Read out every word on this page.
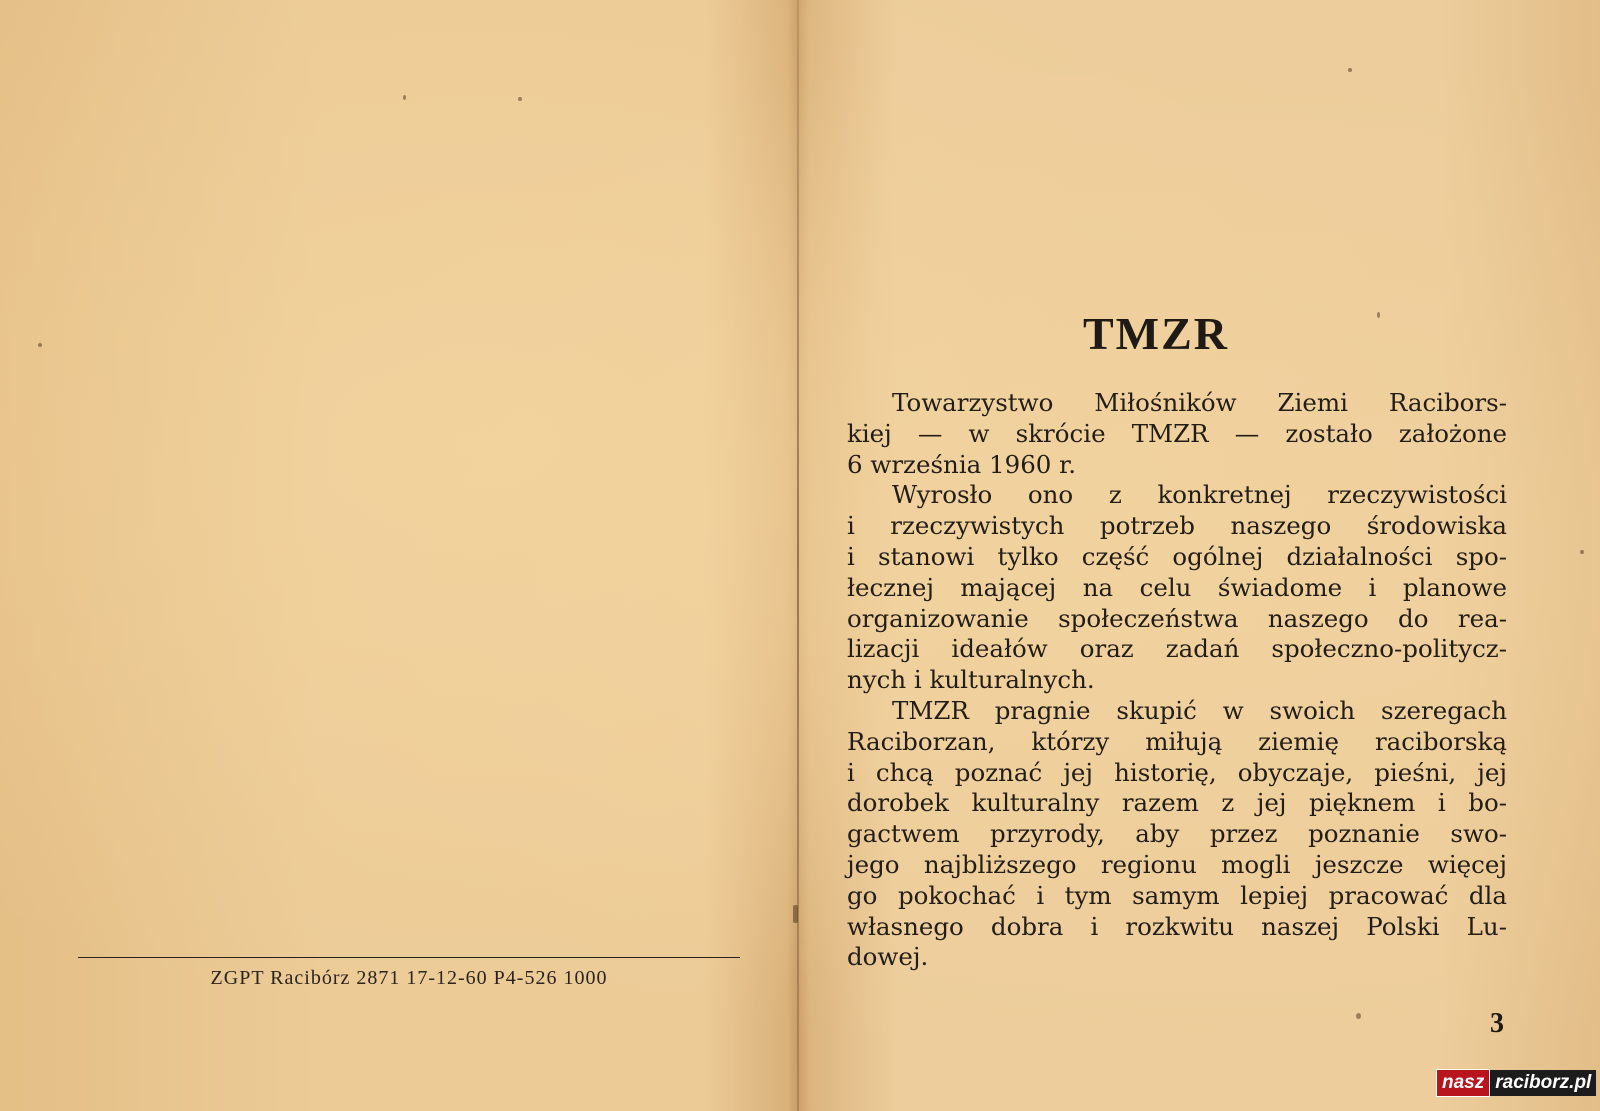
ZGPT Racibórz 2871 17-12-60 P4-526 1000
TMZR
Towarzystwo Miłośników Ziemi Racibors-
kiej — w skrócie TMZR — zostało założone
6 września 1960 r.
Wyrosło ono z konkretnej rzeczywistości
i rzeczywistych potrzeb naszego środowiska
i stanowi tylko część ogólnej działalności spo-
łecznej mającej na celu świadome i planowe
organizowanie społeczeństwa naszego do rea-
lizacji ideałów oraz zadań społeczno-politycz-
nych i kulturalnych.
TMZR pragnie skupić w swoich szeregach
Raciborzan, którzy miłują ziemię raciborską
i chcą poznać jej historię, obyczaje, pieśni, jej
dorobek kulturalny razem z jej pięknem i bo-
gactwem przyrody, aby przez poznanie swo-
jego najbliższego regionu mogli jeszcze więcej
go pokochać i tym samym lepiej pracować dla
własnego dobra i rozkwitu naszej Polski Lu-
dowej.
3
nasz raciborz.pl
